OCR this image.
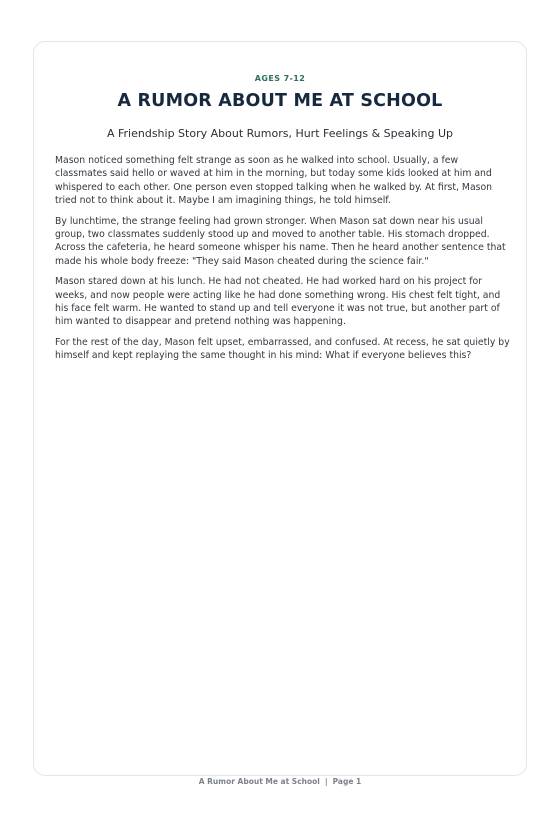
AGES 7-12
A RUMOR ABOUT ME AT SCHOOL
A Friendship Story About Rumors, Hurt Feelings & Speaking Up

Mason noticed something felt strange as soon as he walked into school. Usually, a few classmates said hello or waved at him in the morning, but today some kids looked at him and whispered to each other. One person even stopped talking when he walked by. At first, Mason tried not to think about it. Maybe I am imagining things, he told himself.

By lunchtime, the strange feeling had grown stronger. When Mason sat down near his usual group, two classmates suddenly stood up and moved to another table. His stomach dropped. Across the cafeteria, he heard someone whisper his name. Then he heard another sentence that made his whole body freeze: "They said Mason cheated during the science fair."

Mason stared down at his lunch. He had not cheated. He had worked hard on his project for weeks, and now people were acting like he had done something wrong. His chest felt tight, and his face felt warm. He wanted to stand up and tell everyone it was not true, but another part of him wanted to disappear and pretend nothing was happening.

For the rest of the day, Mason felt upset, embarrassed, and confused. At recess, he sat quietly by himself and kept replaying the same thought in his mind: What if everyone believes this?

A Rumor About Me at School | Page 1
